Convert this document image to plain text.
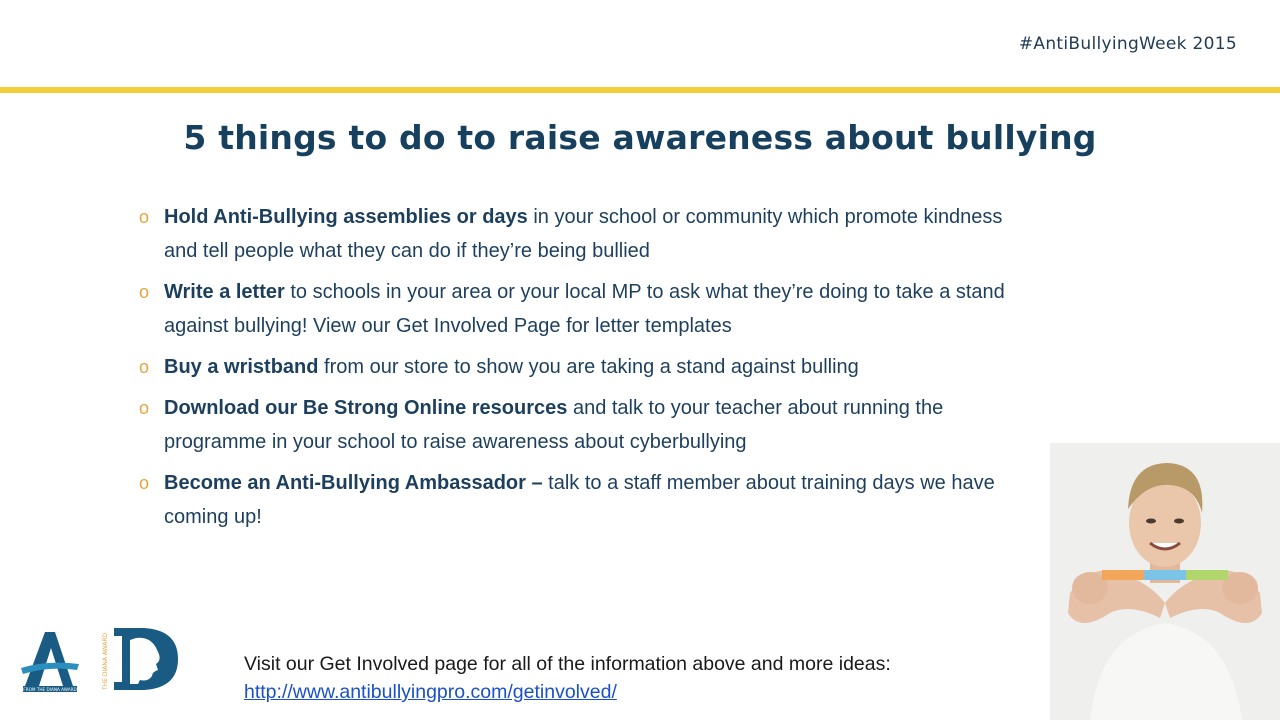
#AntiBullyingWeek 2015
5 things to do to raise awareness about bullying
o Hold Anti-Bullying assemblies or days in your school or community which promote kindness and tell people what they can do if they’re being bullied
o Write a letter to schools in your area or your local MP to ask what they’re doing to take a stand against bullying! View our Get Involved Page for letter templates
o Buy a wristband from our store to show you are taking a stand against bulling
o Download our Be Strong Online resources and talk to your teacher about running the programme in your school to raise awareness about cyberbullying
o Become an Anti-Bullying Ambassador – talk to a staff member about training days we have coming up!
FROM THE DIANA AWARD	THE DIANA AWARD	Visit our Get Involved page for all of the information above and more ideas:
http://www.antibullyingpro.com/getinvolved/
